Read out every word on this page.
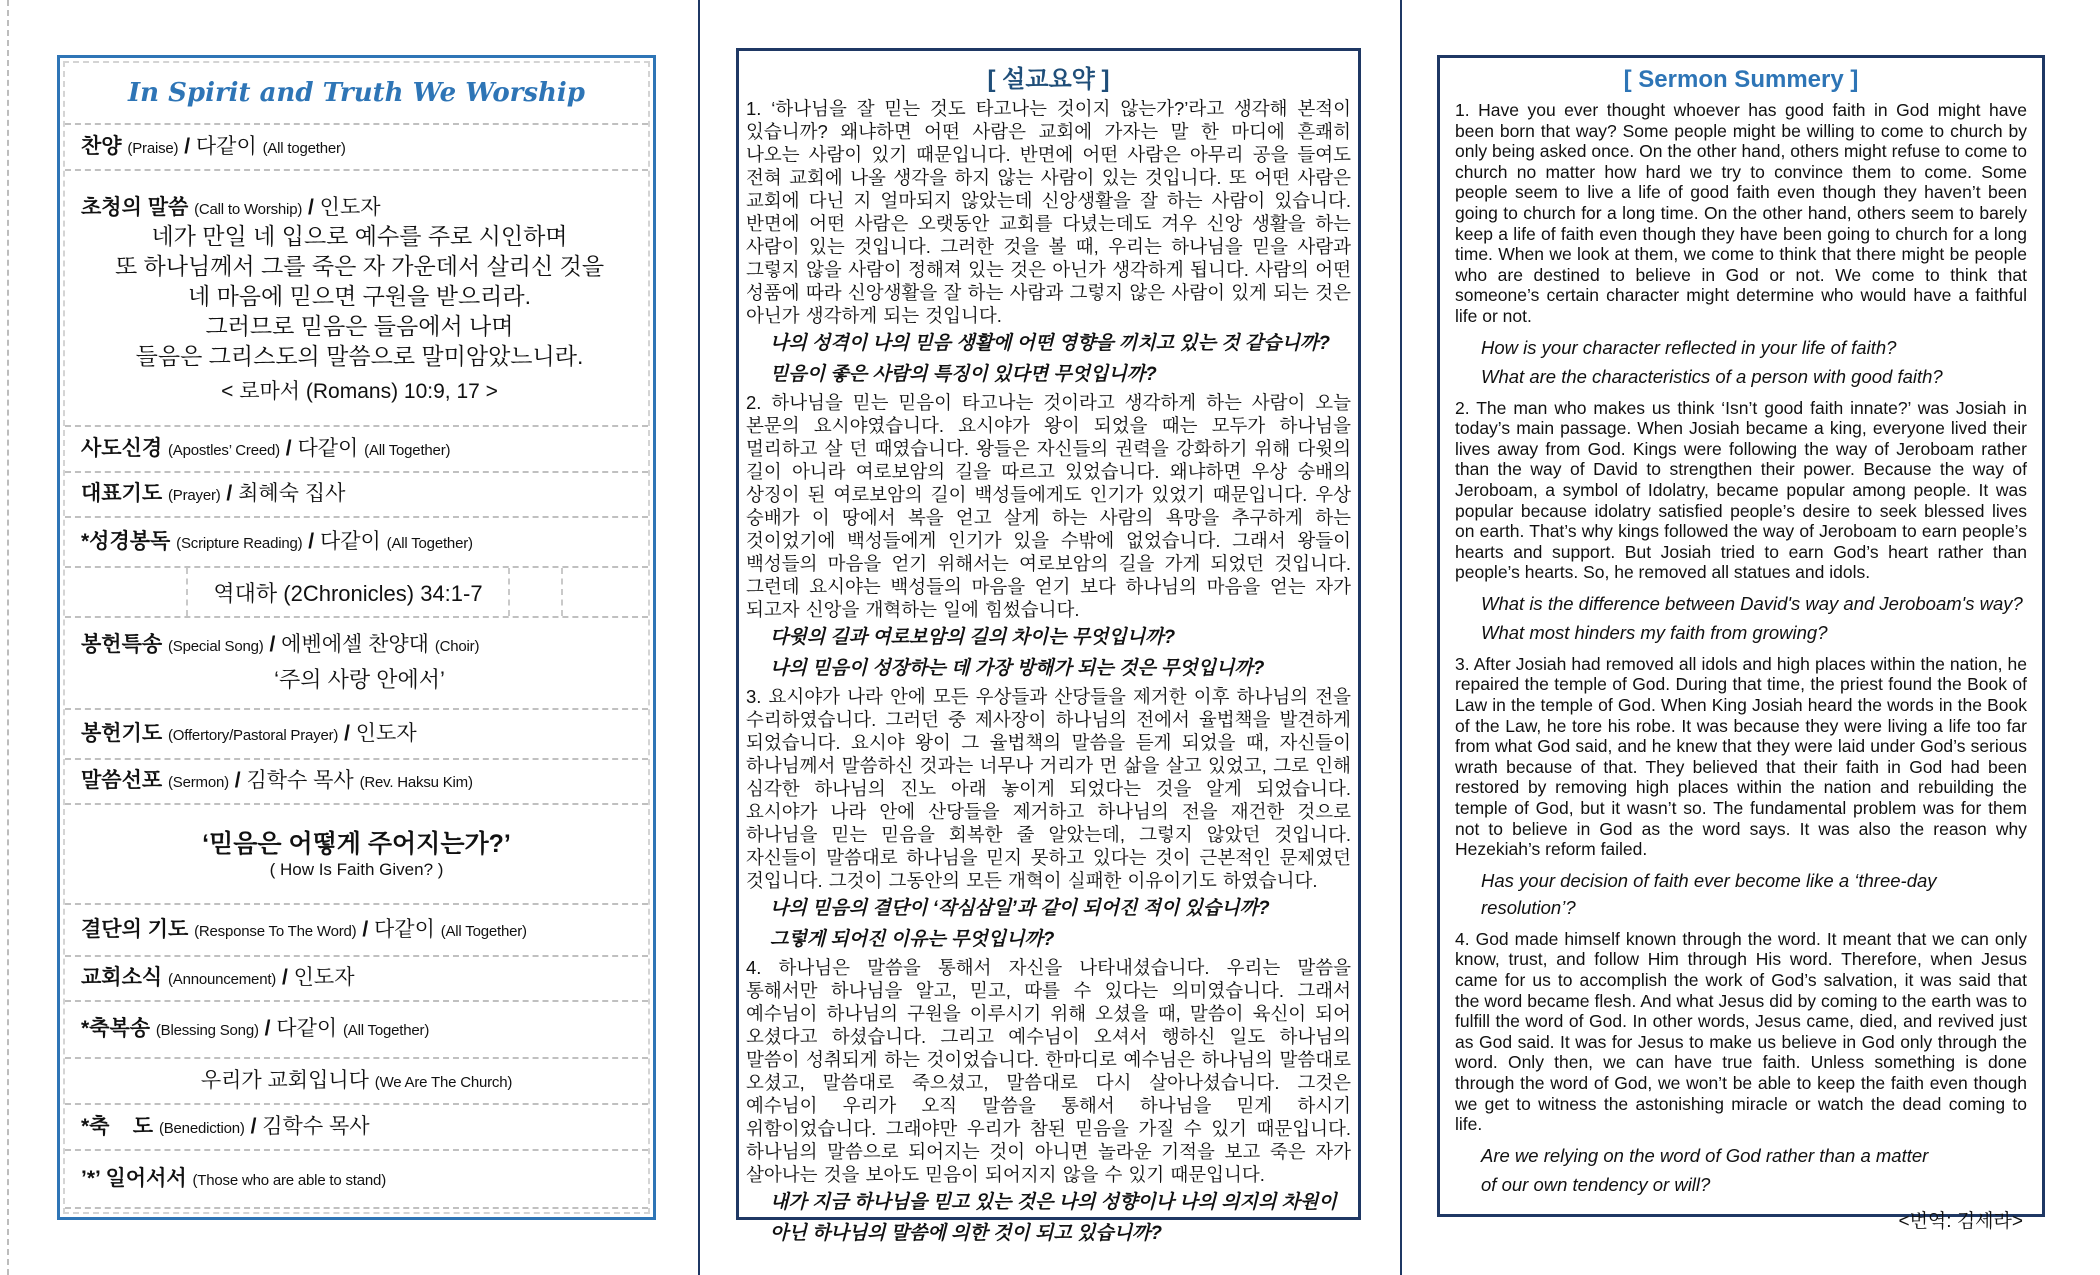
In Spirit and Truth We Worship
찬양 (Praise) / 다같이 (All together)
초청의 말씀 (Call to Worship) / 인도자
네가 만일 네 입으로 예수를 주로 시인하며
또 하나님께서 그를 죽은 자 가운데서 살리신 것을
네 마음에 믿으면 구원을 받으리라.
그러므로 믿음은 들음에서 나며
들음은 그리스도의 말씀으로 말미암았느니라.
< 로마서 (Romans) 10:9, 17 >
사도신경 (Apostles’ Creed) / 다같이 (All Together)
대표기도 (Prayer) / 최혜숙 집사
*성경봉독 (Scripture Reading) / 다같이 (All Together)
역대하 (2Chronicles) 34:1-7
봉헌특송 (Special Song) / 에벤에셀 찬양대 (Choir)
‘주의 사랑 안에서’
봉헌기도 (Offertory/Pastoral Prayer) / 인도자
말씀선포 (Sermon) / 김학수 목사 (Rev. Haksu Kim)
‘믿음은 어떻게 주어지는가?’
( How Is Faith Given? )
결단의 기도 (Response To The Word) / 다같이 (All Together)
교회소식 (Announcement) / 인도자
*축복송 (Blessing Song) / 다같이 (All Together)
우리가 교회입니다 (We Are The Church)
*축    도 (Benediction) / 김학수 목사
’*’ 일어서서 (Those who are able to stand)
[ 설교요약 ]

1. ‘하나님을 잘 믿는 것도 타고나는 것이지 않는가?’라고 생각해 본적이 있습니까? 왜냐하면 어떤 사람은 교회에 가자는 말 한 마디에 흔쾌히 나오는 사람이 있기 때문입니다. 반면에 어떤 사람은 아무리 공을 들여도 전혀 교회에 나올 생각을 하지 않는 사람이 있는 것입니다. 또 어떤 사람은 교회에 다닌 지 얼마되지 않았는데 신앙생활을 잘 하는 사람이 있습니다. 반면에 어떤 사람은 오랫동안 교회를 다녔는데도 겨우 신앙 생활을 하는 사람이 있는 것입니다. 그러한 것을 볼 때, 우리는 하나님을 믿을 사람과 그렇지 않을 사람이 정해져 있는 것은 아닌가 생각하게 됩니다. 사람의 어떤 성품에 따라 신앙생활을 잘 하는 사람과 그렇지 않은 사람이 있게 되는 것은 아닌가 생각하게 되는 것입니다.

나의 성격이 나의 믿음 생활에 어떤 영향을 끼치고 있는 것 같습니까?
믿음이 좋은 사람의 특징이 있다면 무엇입니까?

2. 하나님을 믿는 믿음이 타고나는 것이라고 생각하게 하는 사람이 오늘 본문의 요시야였습니다. 요시야가 왕이 되었을 때는 모두가 하나님을 멀리하고 살 던 때였습니다. 왕들은 자신들의 권력을 강화하기 위해 다윗의 길이 아니라 여로보암의 길을 따르고 있었습니다. 왜냐하면 우상 숭배의 상징이 된 여로보암의 길이 백성들에게도 인기가 있었기 때문입니다. 우상 숭배가 이 땅에서 복을 얻고 살게 하는 사람의 욕망을 추구하게 하는 것이었기에 백성들에게 인기가 있을 수밖에 없었습니다. 그래서 왕들이 백성들의 마음을 얻기 위해서는 여로보암의 길을 가게 되었던 것입니다. 그런데 요시야는 백성들의 마음을 얻기 보다 하나님의 마음을 얻는 자가 되고자 신앙을 개혁하는 일에 힘썼습니다.

다윗의 길과 여로보암의 길의 차이는 무엇입니까?
나의 믿음이 성장하는 데 가장 방해가 되는 것은 무엇입니까?

3. 요시야가 나라 안에 모든 우상들과 산당들을 제거한 이후 하나님의 전을 수리하였습니다. 그러던 중 제사장이 하나님의 전에서 율법책을 발견하게 되었습니다. 요시야 왕이 그 율법책의 말씀을 듣게 되었을 때, 자신들이 하나님께서 말씀하신 것과는 너무나 거리가 먼 삶을 살고 있었고, 그로 인해 심각한 하나님의 진노 아래 놓이게 되었다는 것을 알게 되었습니다. 요시야가 나라 안에 산당들을 제거하고 하나님의 전을 재건한 것으로 하나님을 믿는 믿음을 회복한 줄 알았는데, 그렇지 않았던 것입니다. 자신들이 말씀대로 하나님을 믿지 못하고 있다는 것이 근본적인 문제였던 것입니다. 그것이 그동안의 모든 개혁이 실패한 이유이기도 하였습니다.

나의 믿음의 결단이 ‘작심삼일’과 같이 되어진 적이 있습니까?
그렇게 되어진 이유는 무엇입니까?

4. 하나님은 말씀을 통해서 자신을 나타내셨습니다. 우리는 말씀을 통해서만 하나님을 알고, 믿고, 따를 수 있다는 의미였습니다. 그래서 예수님이 하나님의 구원을 이루시기 위해 오셨을 때, 말씀이 육신이 되어 오셨다고 하셨습니다. 그리고 예수님이 오셔서 행하신 일도 하나님의 말씀이 성취되게 하는 것이었습니다. 한마디로 예수님은 하나님의 말씀대로 오셨고, 말씀대로 죽으셨고, 말씀대로 다시 살아나셨습니다. 그것은 예수님이 우리가 오직 말씀을 통해서 하나님을 믿게 하시기 위함이었습니다. 그래야만 우리가 참된 믿음을 가질 수 있기 때문입니다. 하나님의 말씀으로 되어지는 것이 아니면 놀라운 기적을 보고 죽은 자가 살아나는 것을 보아도 믿음이 되어지지 않을 수 있기 때문입니다.

내가 지금 하나님을 믿고 있는 것은 나의 성향이나 나의 의지의 차원이 아닌 하나님의 말씀에 의한 것이 되고 있습니까?
[ Sermon Summery ]

1. Have you ever thought whoever has good faith in God might have been born that way? Some people might be willing to come to church by only being asked once. On the other hand, others might refuse to come to church no matter how hard we try to convince them to come. Some people seem to live a life of good faith even though they haven’t been going to church for a long time. On the other hand, others seem to barely keep a life of faith even though they have been going to church for a long time. When we look at them, we come to think that there might be people who are destined to believe in God or not. We come to think that someone’s certain character might determine who would have a faithful life or not.

How is your character reflected in your life of faith?
What are the characteristics of a person with good faith?

2. The man who makes us think ‘Isn’t good faith innate?’ was Josiah in today’s main passage. When Josiah became a king, everyone lived their lives away from God. Kings were following the way of Jeroboam rather than the way of David to strengthen their power. Because the way of Jeroboam, a symbol of Idolatry, became popular among people. It was popular because idolatry satisfied people’s desire to seek blessed lives on earth. That’s why kings followed the way of Jeroboam to earn people’s hearts and support. But Josiah tried to earn God’s heart rather than people’s hearts. So, he removed all statues and idols.

What is the difference between David's way and Jeroboam's way?
What most hinders my faith from growing?

3. After Josiah had removed all idols and high places within the nation, he repaired the temple of God. During that time, the priest found the Book of Law in the temple of God. When King Josiah heard the words in the Book of the Law, he tore his robe. It was because they were living a life too far from what God said, and he knew that they were laid under God’s serious wrath because of that. They believed that their faith in God had been restored by removing high places within the nation and rebuilding the temple of God, but it wasn’t so. The fundamental problem was for them not to believe in God as the word says. It was also the reason why Hezekiah’s reform failed.

Has your decision of faith ever become like a ‘three-day resolution’?

4. God made himself known through the word. It meant that we can only know, trust, and follow Him through His word. Therefore, when Jesus came for us to accomplish the work of God’s salvation, it was said that the word became flesh. And what Jesus did by coming to the earth was to fulfill the word of God. In other words, Jesus came, died, and revived just as God said. It was for Jesus to make us believe in God only through the word. Only then, we can have true faith. Unless something is done through the word of God, we won’t be able to keep the faith even though we get to witness the astonishing miracle or watch the dead coming to life.

Are we relying on the word of God rather than a matter
of our own tendency or will?
<번역: 김세라>
